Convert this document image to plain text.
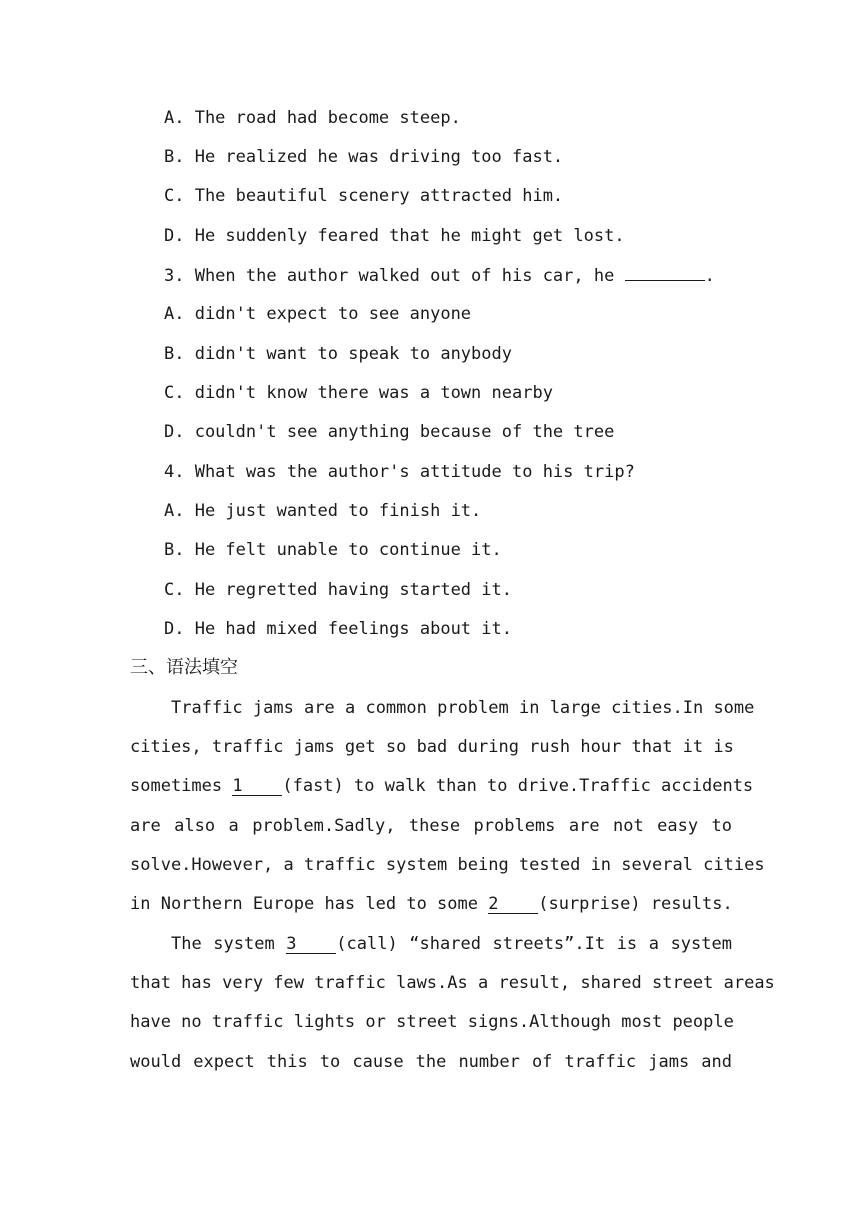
A. The road had become steep.
B. He realized he was driving too fast.
C. The beautiful scenery attracted him.
D. He suddenly feared that he might get lost.
3. When the author walked out of his car, he	.
A. didn't expect to see anyone
B. didn't want to speak to anybody
C. didn't know there was a town nearby
D. couldn't see anything because of the tree
4. What was the author's attitude to his trip?
A. He just wanted to finish it.
B. He felt unable to continue it.
C. He regretted having started it.
D. He had mixed feelings about it.
三、语法填空
Traffic jams are a common problem in large cities.In some
cities, traffic jams get so bad during rush hour that it is
sometimes 1 (fast) to walk than to drive.Traffic accidents
are also a problem.Sadly, these problems are not easy to
solve.However, a traffic system being tested in several cities
in Northern Europe has led to some 2 (surprise) results.
The system 3 (call) “shared streets”.It is a system
that has very few traffic laws.As a result, shared street areas
have no traffic lights or street signs.Although most people
would expect this to cause the number of traffic jams and
